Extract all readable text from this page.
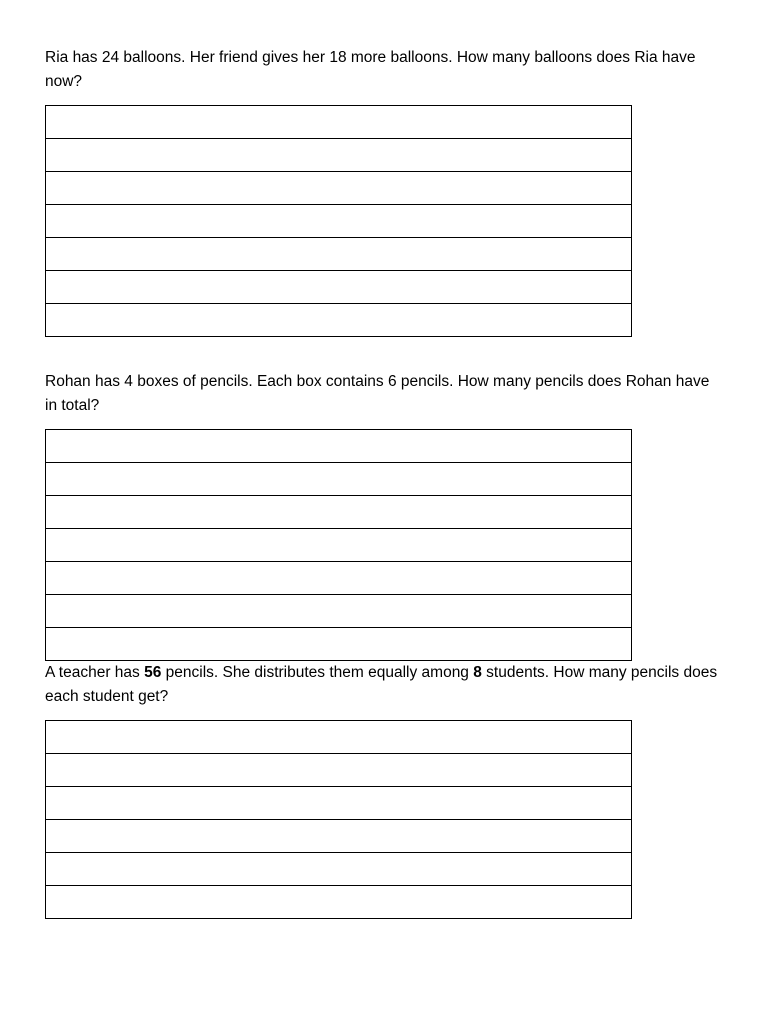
Ria has 24 balloons. Her friend gives her 18 more balloons. How many balloons does Ria have now?

Rohan has 4 boxes of pencils. Each box contains 6 pencils. How many pencils does Rohan have in total?

A teacher has 56 pencils. She distributes them equally among 8 students. How many pencils does each student get?
